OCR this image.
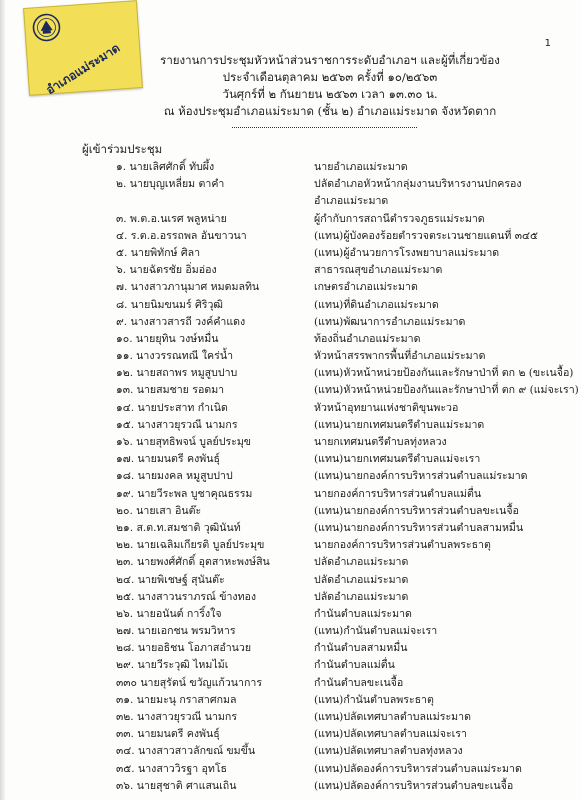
อำเภอแม่ระมาด	1
รายงานการประชุมหัวหน้าส่วนราชการระดับอำเภอฯ และผู้ที่เกี่ยวข้อง
ประจำเดือนตุลาคม ๒๕๖๓ ครั้งที่ ๑๐/๒๕๖๓
วันศุกร์ที่ ๒ กันยายน ๒๕๖๓ เวลา ๑๓.๓๐ น.
ณ ห้องประชุมอำเภอแม่ระมาด (ชั้น ๒) อำเภอแม่ระมาด จังหวัดตาก
ผู้เข้าร่วมประชุม
๑. นายเลิศศักดิ์ ทับผึ้ง	นายอำเภอแม่ระมาด
๒. นายบุญเหลี่ยม ตาคำ	ปลัดอำเภอหัวหน้ากลุ่มงานบริหารงานปกครอง
อำเภอแม่ระมาด
๓. พ.ต.อ.นเรศ พลูหน่าย	ผู้กำกับการสถานีตำรวจภูธรแม่ระมาด
๔. ร.ต.อ.อรรถพล อันขาวนา	(แทน)ผู้บังคองร้อยตำรวจตระเวนชายแดนที่ ๓๔๕
๕. นายพิทักษ์ ศิลา	(แทน)ผู้อำนวยการโรงพยาบาลแม่ระมาด
๖. นายฉัตรชัย อิ่มอ่อง	สาธารณสุขอำเภอแม่ระมาด
๗. นางสาวภานุมาศ หมดมลทิน	เกษตรอำเภอแม่ระมาด
๘. นายนิมขนมร์ ศิริวุฒิ	(แทน)ที่ดินอำเภอแม่ระมาด
๙. นางสาวสารถี วงค์คำแดง	(แทน)พัฒนาการอำเภอแม่ระมาด
๑๐. นายยุทิน วงษ์หมื่น	ท้องถิ่นอำเภอแม่ระมาด
๑๑. นางวรรณทณี ใคร่น้ำ	หัวหน้าสรรพากรพื้นที่อำเภอแม่ระมาด
๑๒. นายสถาพร หมูสูบปาบ	(แทน)หัวหน้าหน่วยป้องกันและรักษาป่าที่ ตก ๒ (ขะเนจื้อ)
๑๓. นายสมชาย รอดมา	(แทน)หัวหน้าหน่วยป้องกันและรักษาป่าที่ ตก ๙ (แม่จะเรา)
๑๔. นายประสาท กำเนิด	หัวหน้าอุทยานแห่งชาติขุนพะวอ
๑๕. นางสาวยุรวณี นามกร	(แทน)นายกเทศมนตรีตำบลแม่ระมาด
๑๖. นายสุทธิพจน์ บูลย์ประมุข	นายกเทศมนตรีตำบลทุ่งหลวง
๑๗. นายมนตรี คงพันธุ์	(แทน)นายกเทศมนตรีตำบลแม่จะเรา
๑๘. นายมงคล หมูสูบปาป	(แทน)นายกองค์การบริหารส่วนตำบลแม่ระมาด
๑๙. นายวีระพล บูชาคุณธรรม	นายกองค์การบริหารส่วนตำบลแม่ตื่น
๒๐. นายเสา อินต๊ะ	(แทน)นายกองค์การบริหารส่วนตำบลขะเนจื้อ
๒๑. ส.ต.ท.สมชาติ วุฒินันท์	(แทน)นายกองค์การบริหารส่วนตำบลสามหมื่น
๒๒. นายเฉลิมเกียรติ บูลย์ประมุข	นายกองค์การบริหารส่วนตำบลพระธาตุ
๒๓. นายพงศ์ศักดิ์ อุตสาหะพงษ์สิน	ปลัดอำเภอแม่ระมาด
๒๔. นายพิเชษฐ์ สุนันต๊ะ	ปลัดอำเภอแม่ระมาด
๒๕. นางสาวนราภรณ์ ข้างทอง	ปลัดอำเภอแม่ระมาด
๒๖. นายอนันต์ การิ์งใจ	กำนันตำบลแม่ระมาด
๒๗. นายเอกชน พรมวิหาร	(แทน)กำนันตำบลแม่จะเรา
๒๘. นายอธิชน โอภาสอำนวย	กำนันตำบลสามหมื่น
๒๙. นายวีระวุฒิ ไหมไม้เ	กำนันตำบลแม่ตื่น
๓๓๐ นายสุรัตน์ ขวัญแก้วนาการ	กำนันตำบลขะเนจื้อ
๓๑. นายมะนุ กราสาศกมล	(แทน)กำนันตำบลพระธาตุ
๓๒. นางสาวยุรวณี นามกร	(แทน)ปลัดเทศบาลตำบลแม่ระมาด
๓๓. นายมนตรี คงพันธุ์	(แทน)ปลัดเทศบาลตำบลแม่จะเรา
๓๔. นางสาวสาวลักขณ์ ขมขึ้น	(แทน)ปลัดเทศบาลตำบลทุ่งหลวง
๓๕. นางสาววิรฐา อุทโธ	(แทน)ปลัดองค์การบริหารส่วนตำบลแม่ระมาด
๓๖. นายสุชาติ ศาแสนเถิน	(แทน)ปลัดองค์การบริหารส่วนตำบลขะเนจื้อ
